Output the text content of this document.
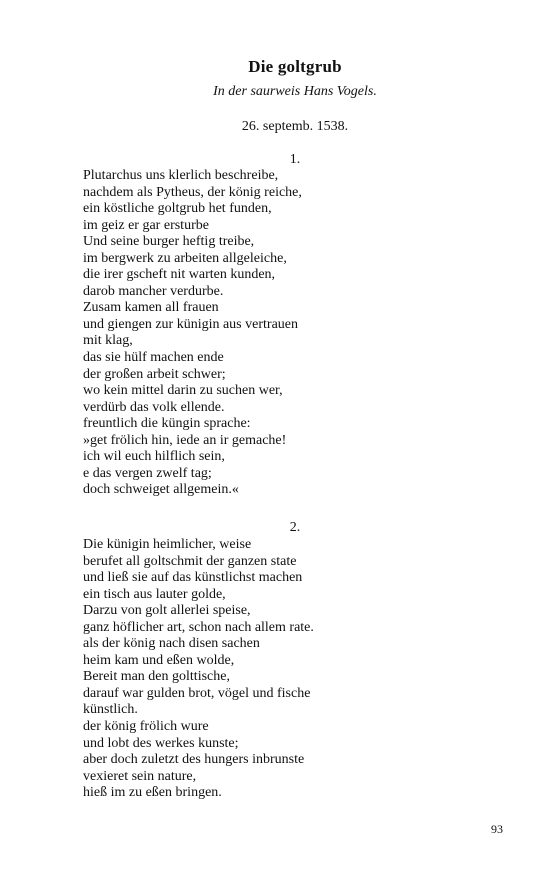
Die goltgrub
In der saurweis Hans Vogels.
26. septemb. 1538.
1.
Plutarchus uns klerlich beschreibe,
nachdem als Pytheus, der könig reiche,
ein köstliche goltgrub het funden,
im geiz er gar ersturbe
Und seine burger heftig treibe,
im bergwerk zu arbeiten allgeleiche,
die irer gscheft nit warten kunden,
darob mancher verdurbe.
Zusam kamen all frauen
und giengen zur künigin aus vertrauen
mit klag,
das sie hülf machen ende
der großen arbeit schwer;
wo kein mittel darin zu suchen wer,
verdürb das volk ellende.
freuntlich die küngin sprache:
»get frölich hin, iede an ir gemache!
ich wil euch hilflich sein,
e das vergen zwelf tag;
doch schweiget allgemein.«
2.
Die künigin heimlicher, weise
berufet all goltschmit der ganzen state
und ließ sie auf das künstlichst machen
ein tisch aus lauter golde,
Darzu von golt allerlei speise,
ganz höflicher art, schon nach allem rate.
als der könig nach disen sachen
heim kam und eßen wolde,
Bereit man den golttische,
darauf war gulden brot, vögel und fische
künstlich.
der könig frölich wure
und lobt des werkes kunste;
aber doch zuletzt des hungers inbrunste
vexieret sein nature,
hieß im zu eßen bringen.
93
